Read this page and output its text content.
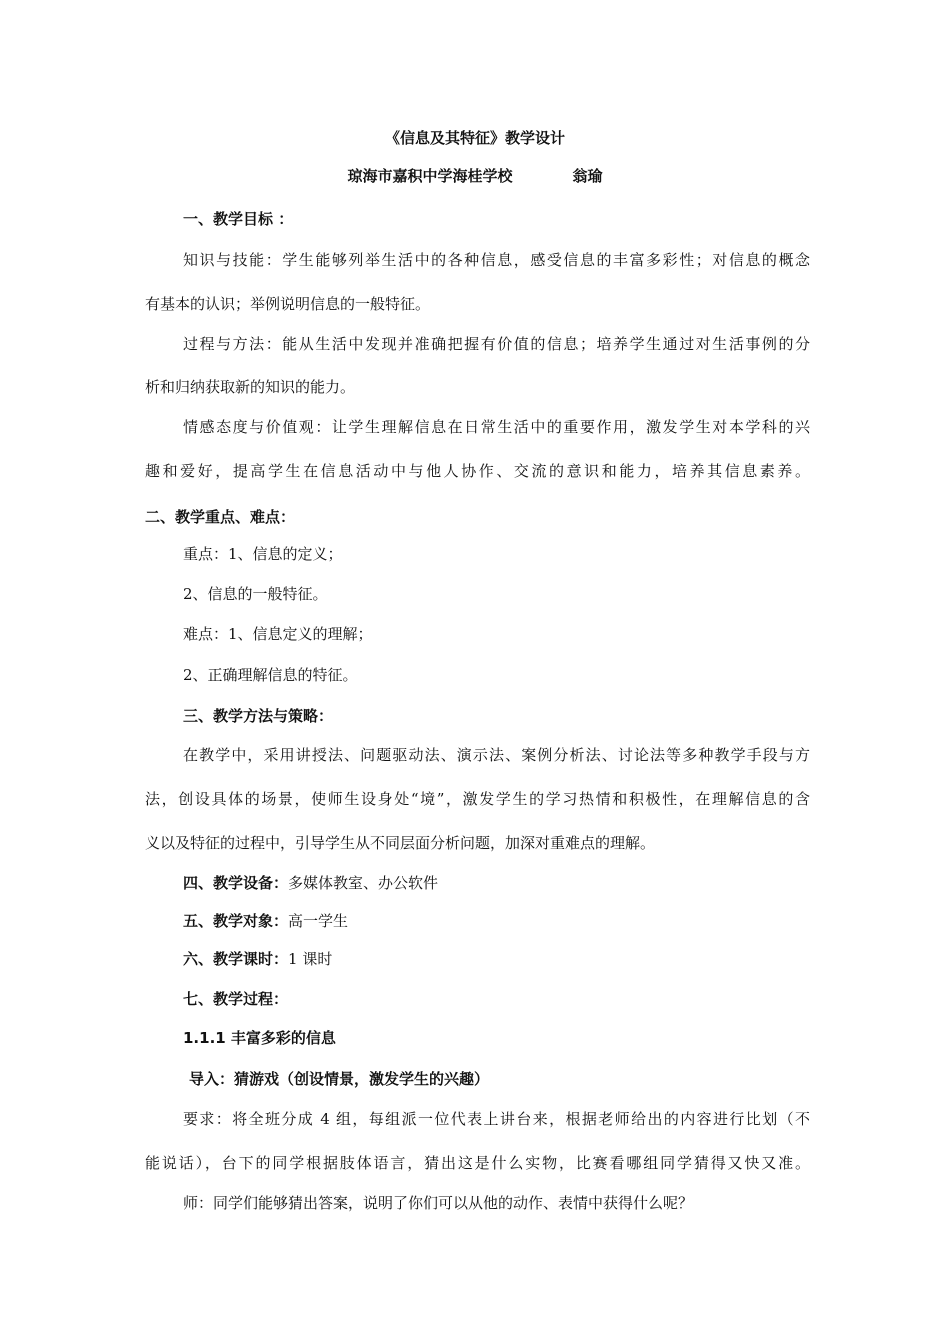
《信息及其特征》教学设计
琼海市嘉积中学海桂学校	翁瑜
一、教学目标 ：
知识与技能：学生能够列举生活中的各种信息，感受信息的丰富多彩性；对信息的概念
有基本的认识；举例说明信息的一般特征。
过程与方法：能从生活中发现并准确把握有价值的信息；培养学生通过对生活事例的分
析和归纳获取新的知识的能力。
情感态度与价值观：让学生理解信息在日常生活中的重要作用，激发学生对本学科的兴
趣和爱好，提高学生在信息活动中与他人协作、交流的意识和能力，培养其信息素养。
二、教学重点、难点：
重点：1、信息的定义；
2、信息的一般特征。
难点：1、信息定义的理解；
2、正确理解信息的特征。
三、教学方法与策略：
在教学中，采用讲授法、问题驱动法、演示法、案例分析法、讨论法等多种教学手段与方
法，创设具体的场景，使师生设身处“境”，激发学生的学习热情和积极性，在理解信息的含
义以及特征的过程中，引导学生从不同层面分析问题，加深对重难点的理解。
四、教学设备：多媒体教室、办公软件
五、教学对象：高一学生
六、教学课时：1 课时
七、教学过程：
1.1.1 丰富多彩的信息
导入：猜游戏（创设情景，激发学生的兴趣）
要求：将全班分成 4 组，每组派一位代表上讲台来，根据老师给出的内容进行比划（不
能说话），台下的同学根据肢体语言，猜出这是什么实物，比赛看哪组同学猜得又快又准。
师：同学们能够猜出答案，说明了你们可以从他的动作、表情中获得什么呢？
